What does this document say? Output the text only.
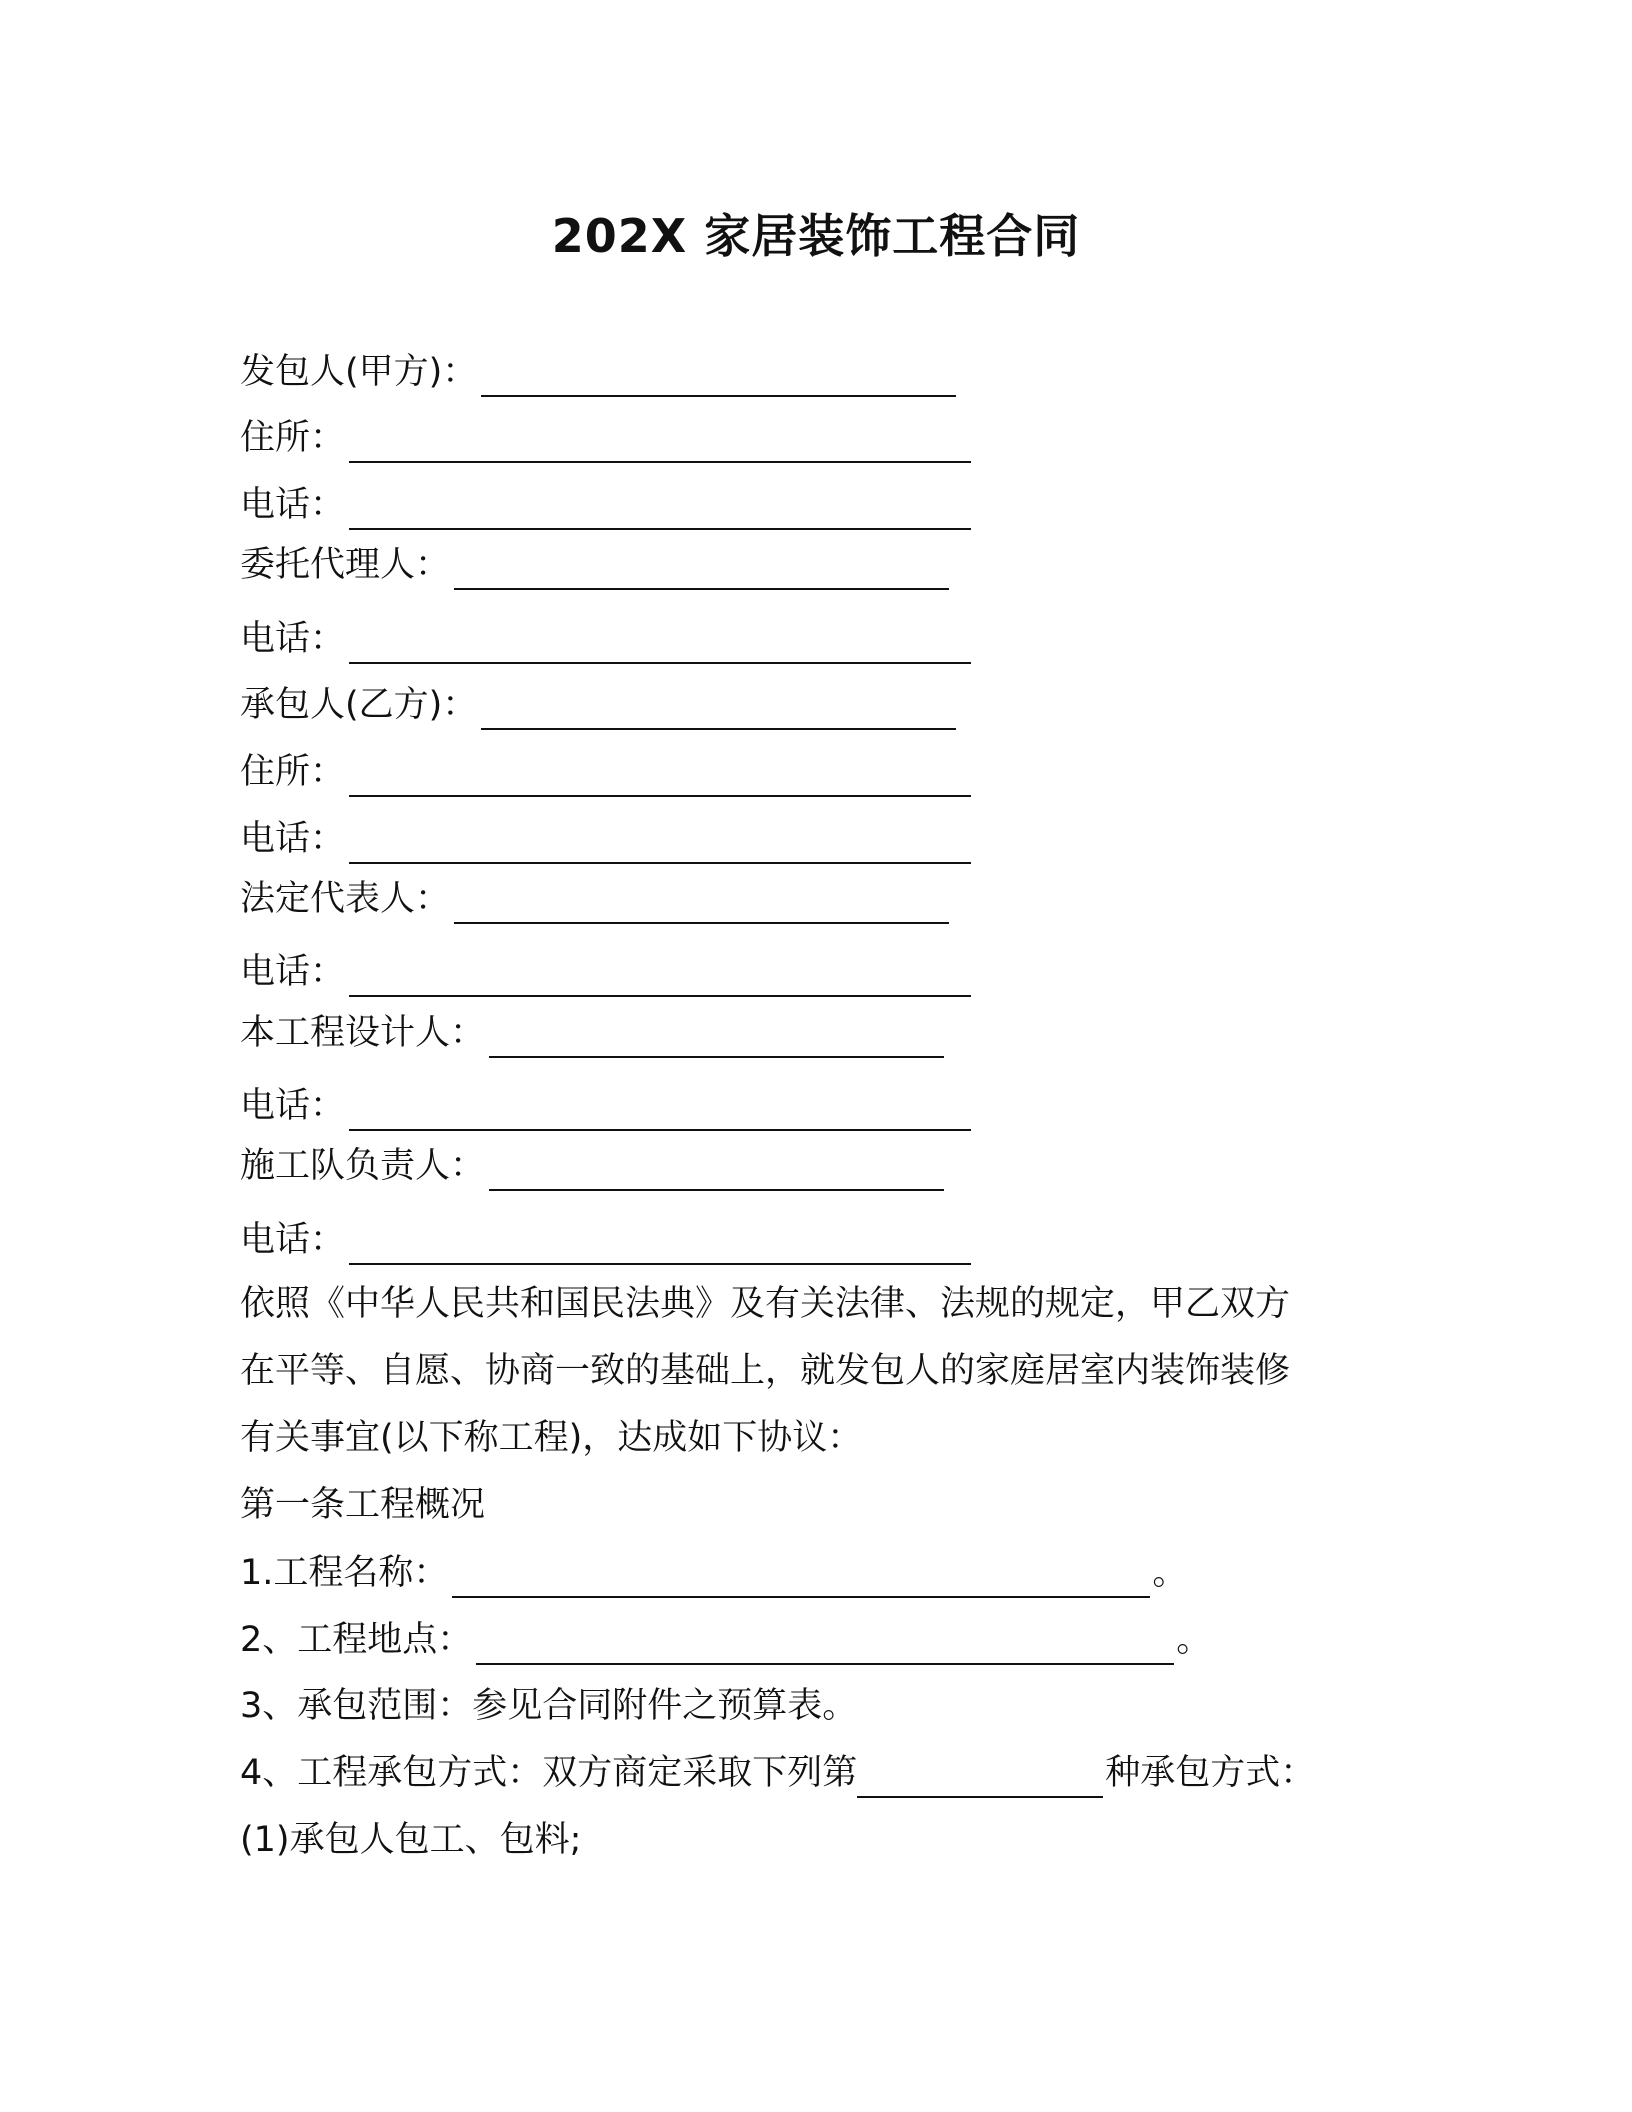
202X 家居装饰工程合同
发包人(甲方)：
住所：
电话：
委托代理人：
电话：
承包人(乙方)：
住所：
电话：
法定代表人：
电话：
本工程设计人：
电话：
施工队负责人：
电话：
依照《中华人民共和国民法典》及有关法律、法规的规定，甲乙双方
在平等、自愿、协商一致的基础上，就发包人的家庭居室内装饰装修
有关事宜(以下称工程)，达成如下协议：
第一条工程概况
1.工程名称：	。
2、工程地点：	。
3、承包范围：参见合同附件之预算表。
4、工程承包方式：双方商定采取下列第	种承包方式：
(1)承包人包工、包料;
